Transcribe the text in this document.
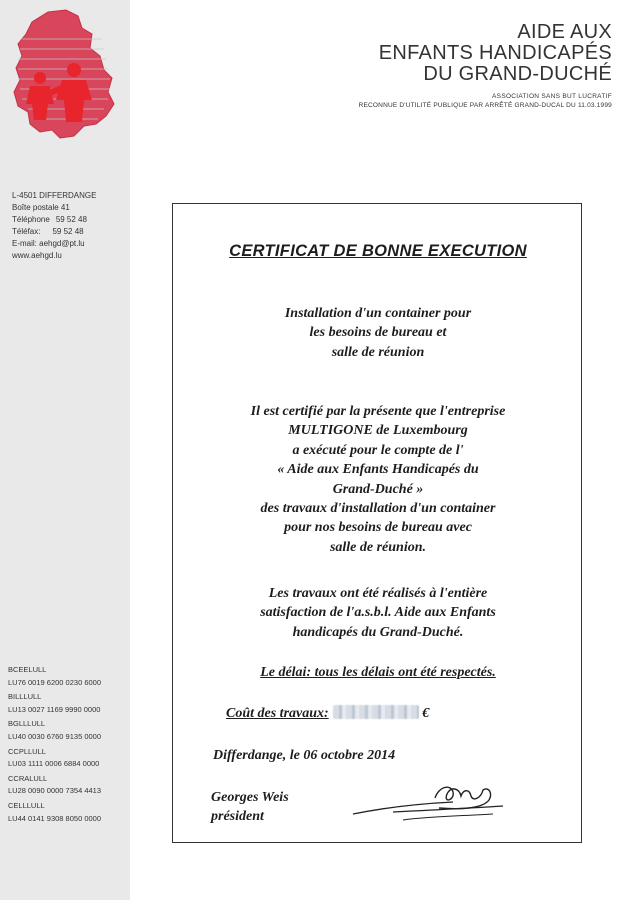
L-4501 DIFFERDANGE
Boîte postale 41
Téléphone 59 52 48
Téléfax: 59 52 48
E-mail: aehgd@pt.lu
www.aehgd.lu
BCEELULL
LU76 0019 6200 0230 6000
BILLLULL
LU13 0027 1169 9990 0000
BGLLLULL
LU40 0030 6760 9135 0000
CCPLLULL
LU03 1111 0006 6884 0000
CCRALULL
LU28 0090 0000 7354 4413
CELLLULL
LU44 0141 9308 8050 0000
AIDE AUX
ENFANTS HANDICAPÉS
DU GRAND-DUCHÉ
ASSOCIATION SANS BUT LUCRATIF
RECONNUE D'UTILITÉ PUBLIQUE PAR ARRÊTÉ GRAND-DUCAL DU 11.03.1999
CERTIFICAT DE BONNE EXECUTION
Installation d'un container pour
les besoins de bureau et
salle de réunion
Il est certifié par la présente que l'entreprise
MULTIGONE de Luxembourg
a exécuté pour le compte de l'
« Aide aux Enfants Handicapés du
Grand-Duché »
des travaux d'installation d'un container
pour nos besoins de bureau avec
salle de réunion.
Les travaux ont été réalisés à l'entière
satisfaction de l'a.s.b.l. Aide aux Enfants
handicapés du Grand-Duché.
Le délai: tous les délais ont été respectés.
Coût des travaux:	€
Differdange, le 06 octobre 2014
Georges Weis
président
